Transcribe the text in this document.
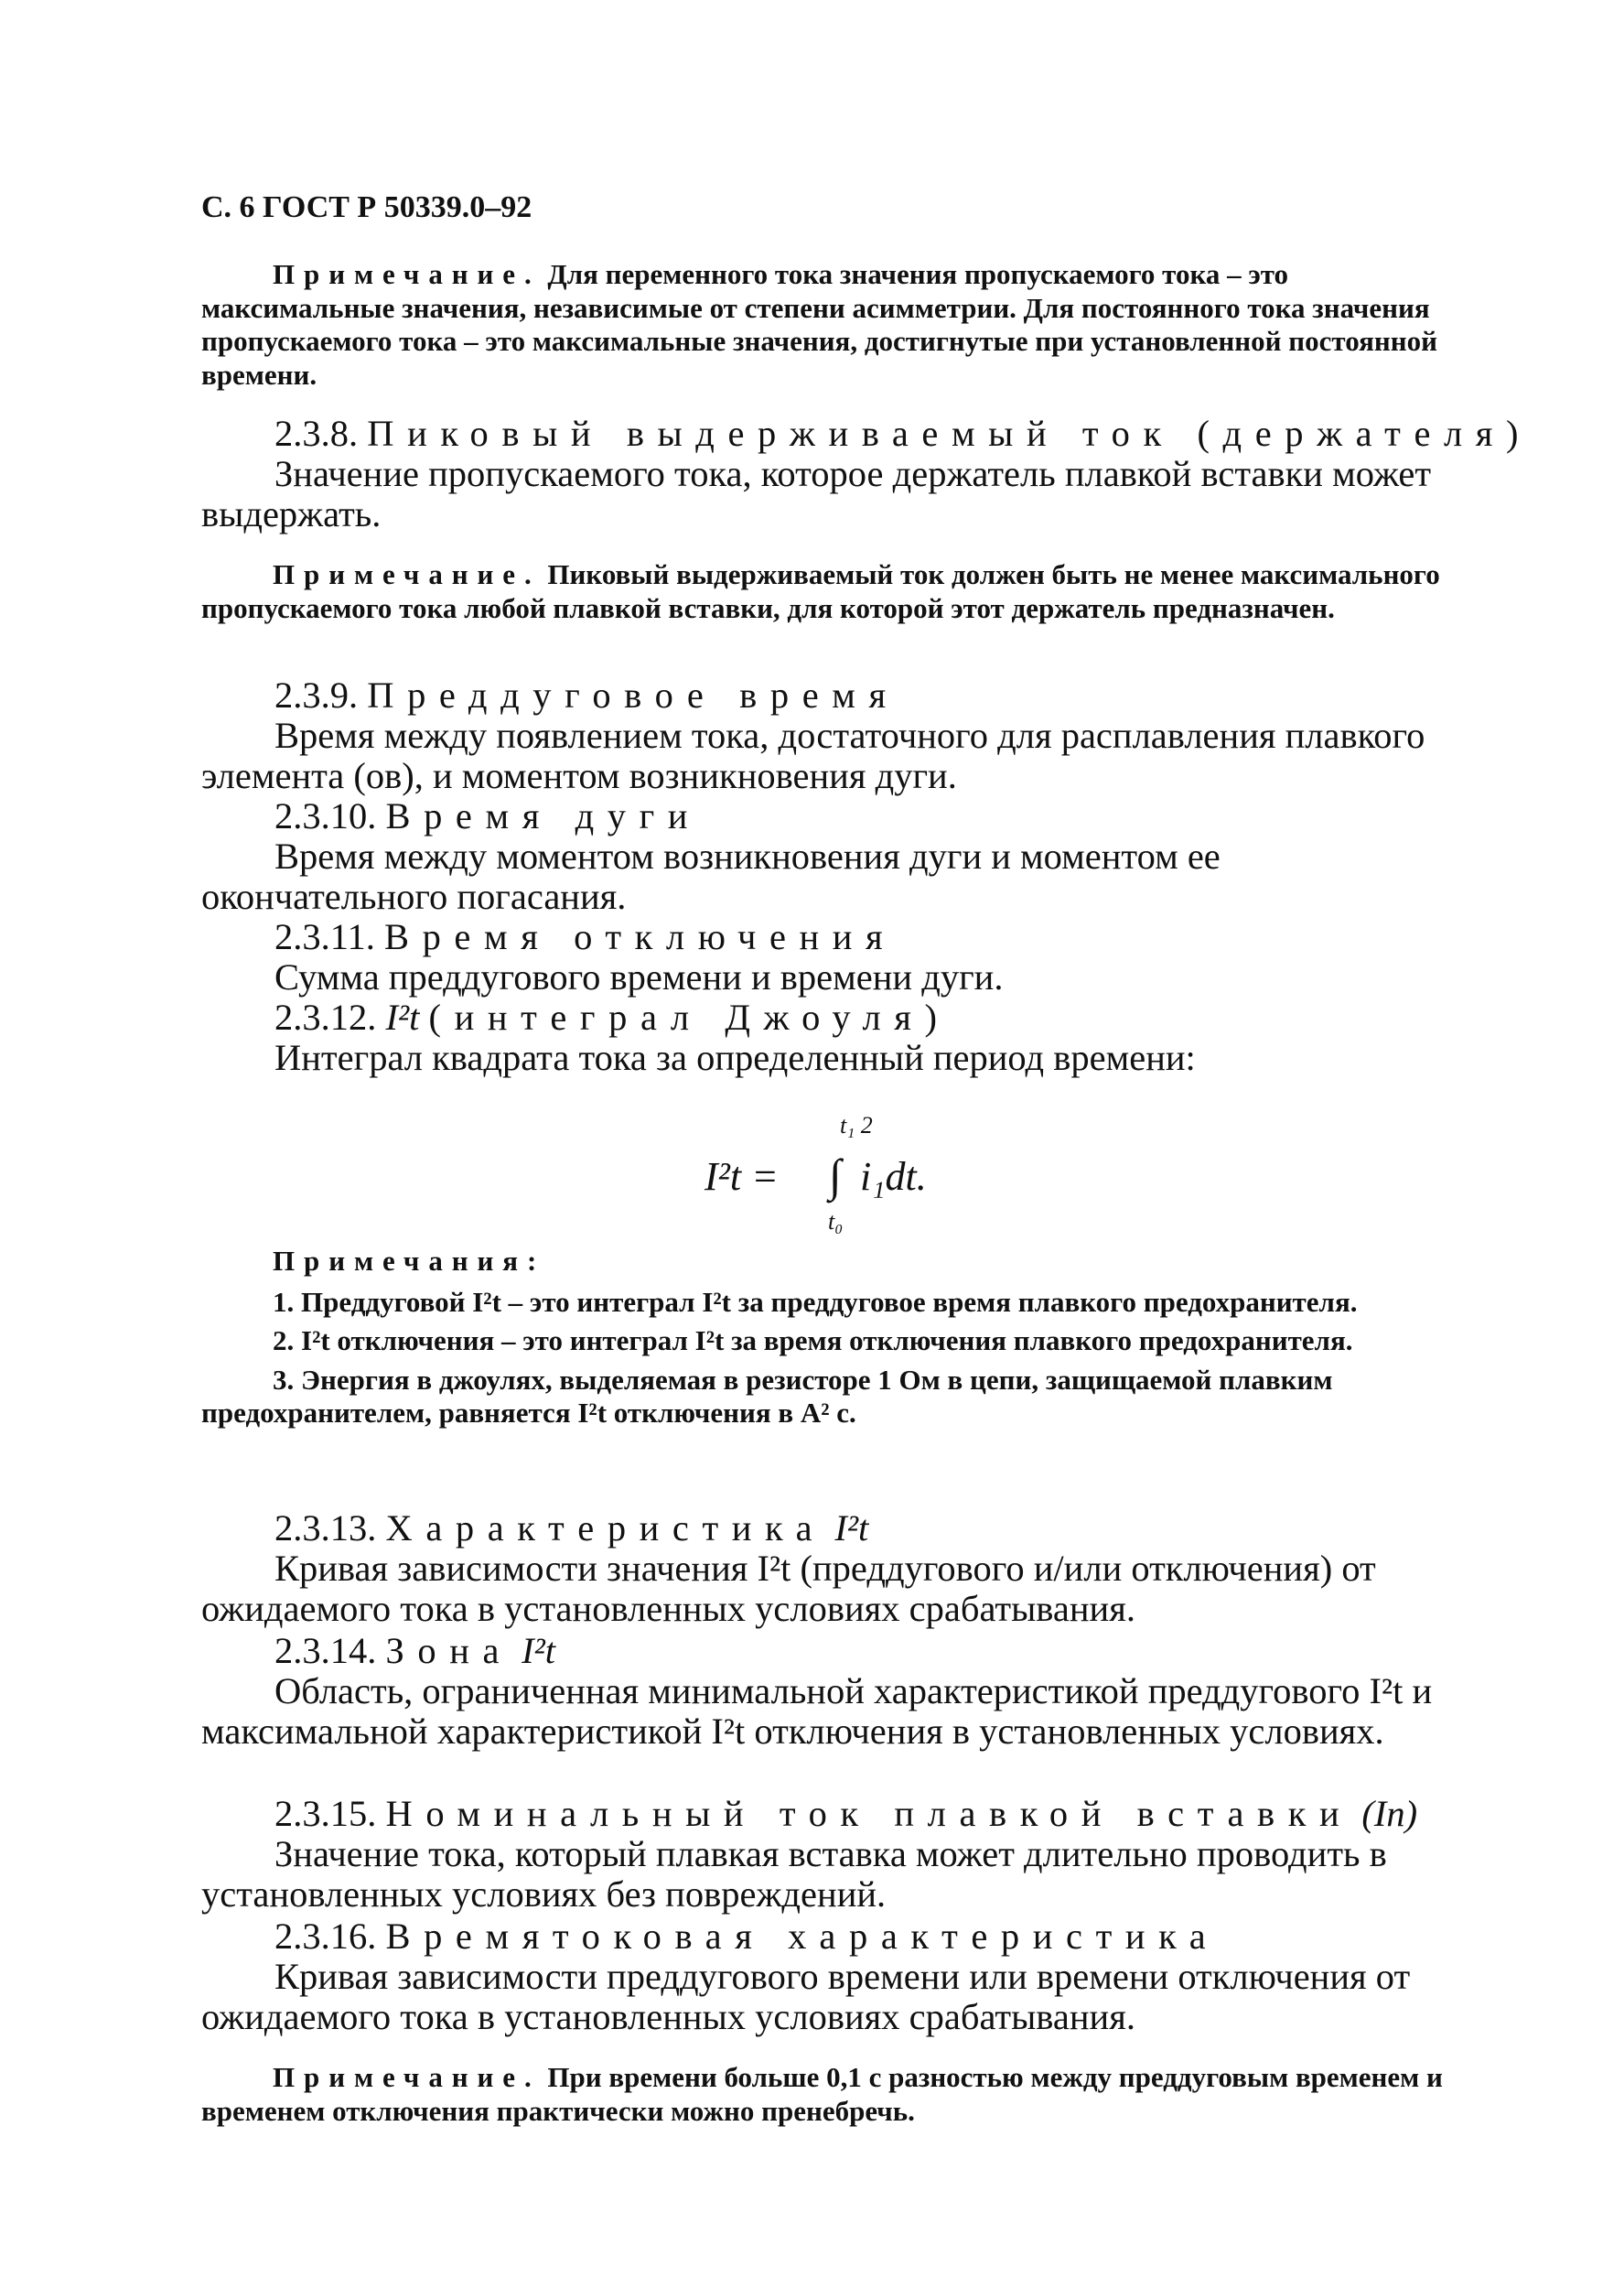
С. 6 ГОСТ Р 50339.0–92
Примечание. Для переменного тока значения пропускаемого тока – это максимальные значения, независимые от степени асимметрии. Для постоянного тока значения пропускаемого тока – это максимальные значения, достигнутые при установленной постоянной времени.
2.3.8. Пиковый выдерживаемый ток (держателя)
Значение пропускаемого тока, которое держатель плавкой вставки может выдержать.
Примечание. Пиковый выдерживаемый ток должен быть не менее максимального пропускаемого тока любой плавкой вставки, для которой этот держатель предназначен.
2.3.9. Преддуговое время
Время между появлением тока, достаточного для расплавления плавкого элемента (ов), и моментом возникновения дуги.
2.3.10. Время дуги
Время между моментом возникновения дуги и моментом ее окончательного погасания.
2.3.11. Время отключения
Сумма преддугового времени и времени дуги.
2.3.12. I²t (интеграл Джоуля)
Интеграл квадрата тока за определенный период времени:
I²t = ∫
t₁ 2
t₀
i₁dt.
Примечания:
1. Преддуговой I²t – это интеграл I²t за преддуговое время плавкого предохранителя.
2. I²t отключения – это интеграл I²t за время отключения плавкого предохранителя.
3. Энергия в джоулях, выделяемая в резисторе 1 Ом в цепи, защищаемой плавким предохранителем, равняется I²t отключения в А² с.
2.3.13. Характеристика I²t
Кривая зависимости значения I²t (преддугового и/или отключения) от ожидаемого тока в установленных условиях срабатывания.
2.3.14. Зона I²t
Область, ограниченная минимальной характеристикой преддугового I²t и максимальной характеристикой I²t отключения в установленных условиях.
2.3.15. Номинальный ток плавкой вставки (In)
Значение тока, который плавкая вставка может длительно проводить в установленных условиях без повреждений.
2.3.16. Времятоковая характеристика
Кривая зависимости преддугового времени или времени отключения от ожидаемого тока в установленных условиях срабатывания.
Примечание. При времени больше 0,1 с разностью между преддуговым временем и временем отключения практически можно пренебречь.
